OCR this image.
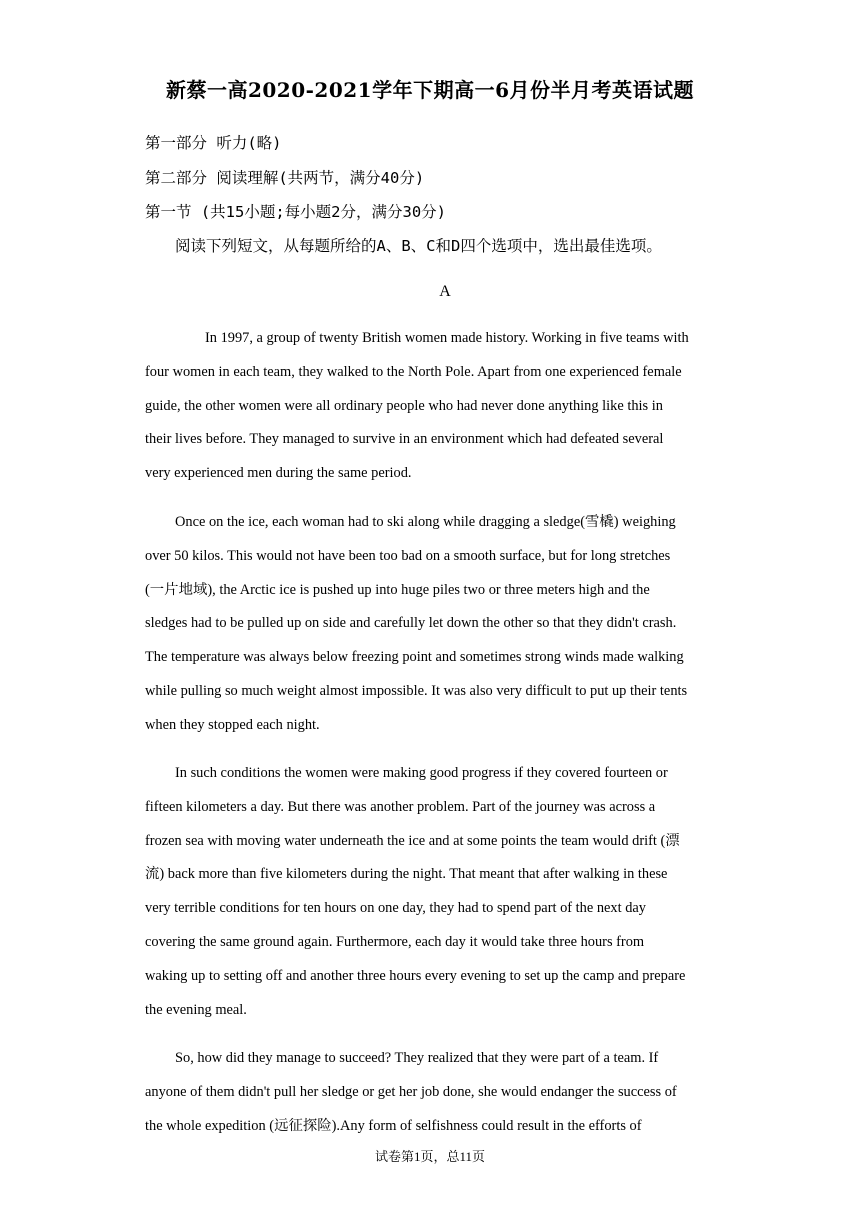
新蔡一高2020-2021学年下期高一6月份半月考英语试题
第一部分 听力(略)
第二部分 阅读理解(共两节，满分40分)
第一节 (共15小题;每小题2分，满分30分)
阅读下列短文，从每题所给的A、B、C和D四个选项中，选出最佳选项。
A

In 1997, a group of twenty British women made history. Working in five teams with
four women in each team, they walked to the North Pole. Apart from one experienced female
guide, the other women were all ordinary people who had never done anything like this in
their lives before. They managed to survive in an environment which had defeated several
very experienced men during the same period.

Once on the ice, each woman had to ski along while dragging a sledge(雪橇) weighing
over 50 kilos. This would not have been too bad on a smooth surface, but for long stretches
(一片地域), the Arctic ice is pushed up into huge piles two or three meters high and the
sledges had to be pulled up on side and carefully let down the other so that they didn't crash.
The temperature was always below freezing point and sometimes strong winds made walking
while pulling so much weight almost impossible. It was also very difficult to put up their tents
when they stopped each night.

In such conditions the women were making good progress if they covered fourteen or
fifteen kilometers a day. But there was another problem. Part of the journey was across a
frozen sea with moving water underneath the ice and at some points the team would drift (漂
流) back more than five kilometers during the night. That meant that after walking in these
very terrible conditions for ten hours on one day, they had to spend part of the next day
covering the same ground again. Furthermore, each day it would take three hours from
waking up to setting off and another three hours every evening to set up the camp and prepare
the evening meal.

So, how did they manage to succeed? They realized that they were part of a team. If
anyone of them didn't pull her sledge or get her job done, she would endanger the success of
the whole expedition (远征探险).Any form of selfishness could result in the efforts of

试卷第1页，总11页
